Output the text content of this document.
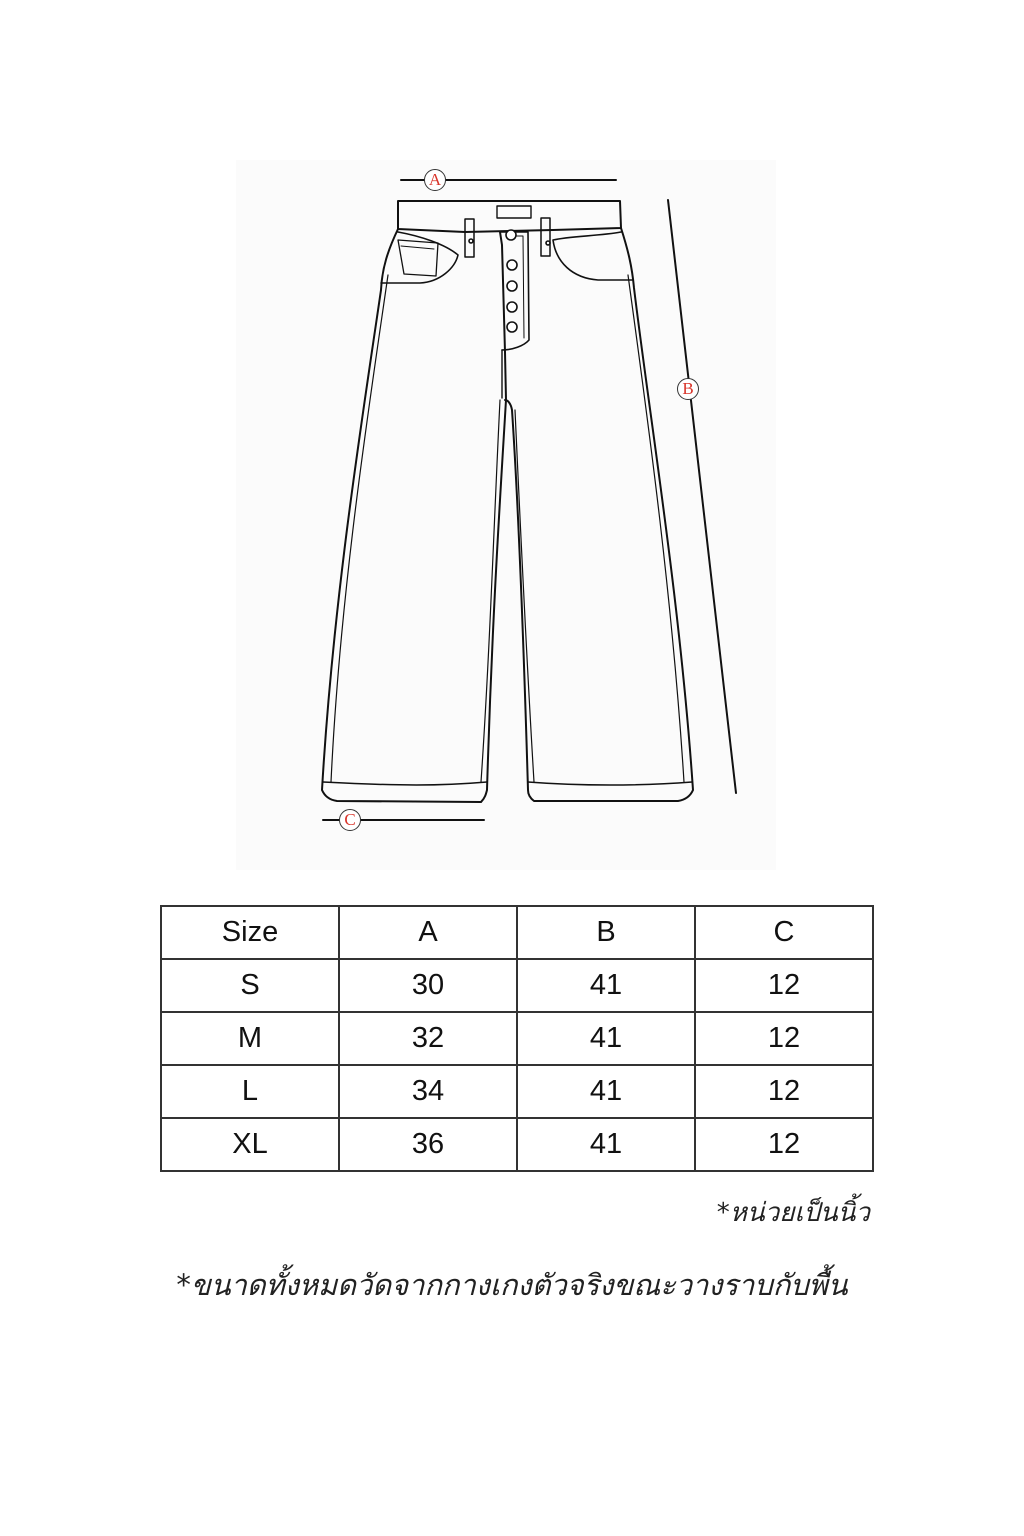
A
B
C
Size	A	B	C
S	30	41	12
M	32	41	12
L	34	41	12
XL	36	41	12
*หน่วยเป็นนิ้ว
*ขนาดทั้งหมดวัดจากกางเกงตัวจริงขณะวางราบกับพื้น
